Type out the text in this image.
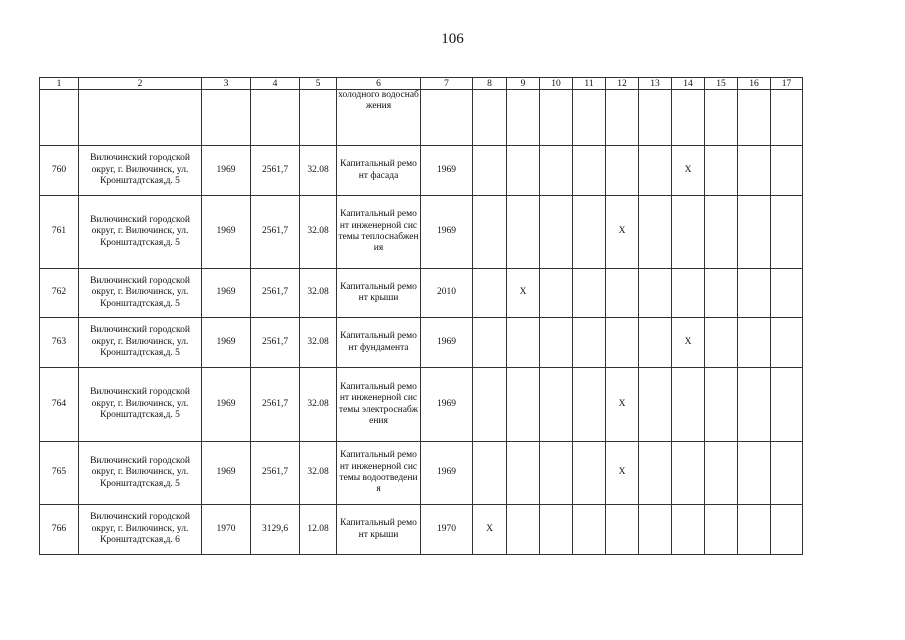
106
1	2	3	4	5	6	7	8	9	10	11	12	13	14	15	16	17
					холодного водоснабжения											
760	Вилючинский городской округ, г. Вилючинск, ул. Кронштадтская,д. 5	1969	2561,7	32.08	Капитальный ремонт фасада	1969							Х			
761	Вилючинский городской округ, г. Вилючинск, ул. Кронштадтская,д. 5	1969	2561,7	32.08	Капитальный ремонт инженерной системы теплоснабжения	1969					Х					
762	Вилючинский городской округ, г. Вилючинск, ул. Кронштадтская,д. 5	1969	2561,7	32.08	Капитальный ремонт крыши	2010		Х								
763	Вилючинский городской округ, г. Вилючинск, ул. Кронштадтская,д. 5	1969	2561,7	32.08	Капитальный ремонт фундамента	1969							Х			
764	Вилючинский городской округ, г. Вилючинск, ул. Кронштадтская,д. 5	1969	2561,7	32.08	Капитальный ремонт инженерной системы электроснабжения	1969					Х					
765	Вилючинский городской округ, г. Вилючинск, ул. Кронштадтская,д. 5	1969	2561,7	32.08	Капитальный ремонт инженерной системы водоотведения	1969					Х					
766	Вилючинский городской округ, г. Вилючинск, ул. Кронштадтская,д. 6	1970	3129,6	12.08	Капитальный ремонт крыши	1970	Х									
